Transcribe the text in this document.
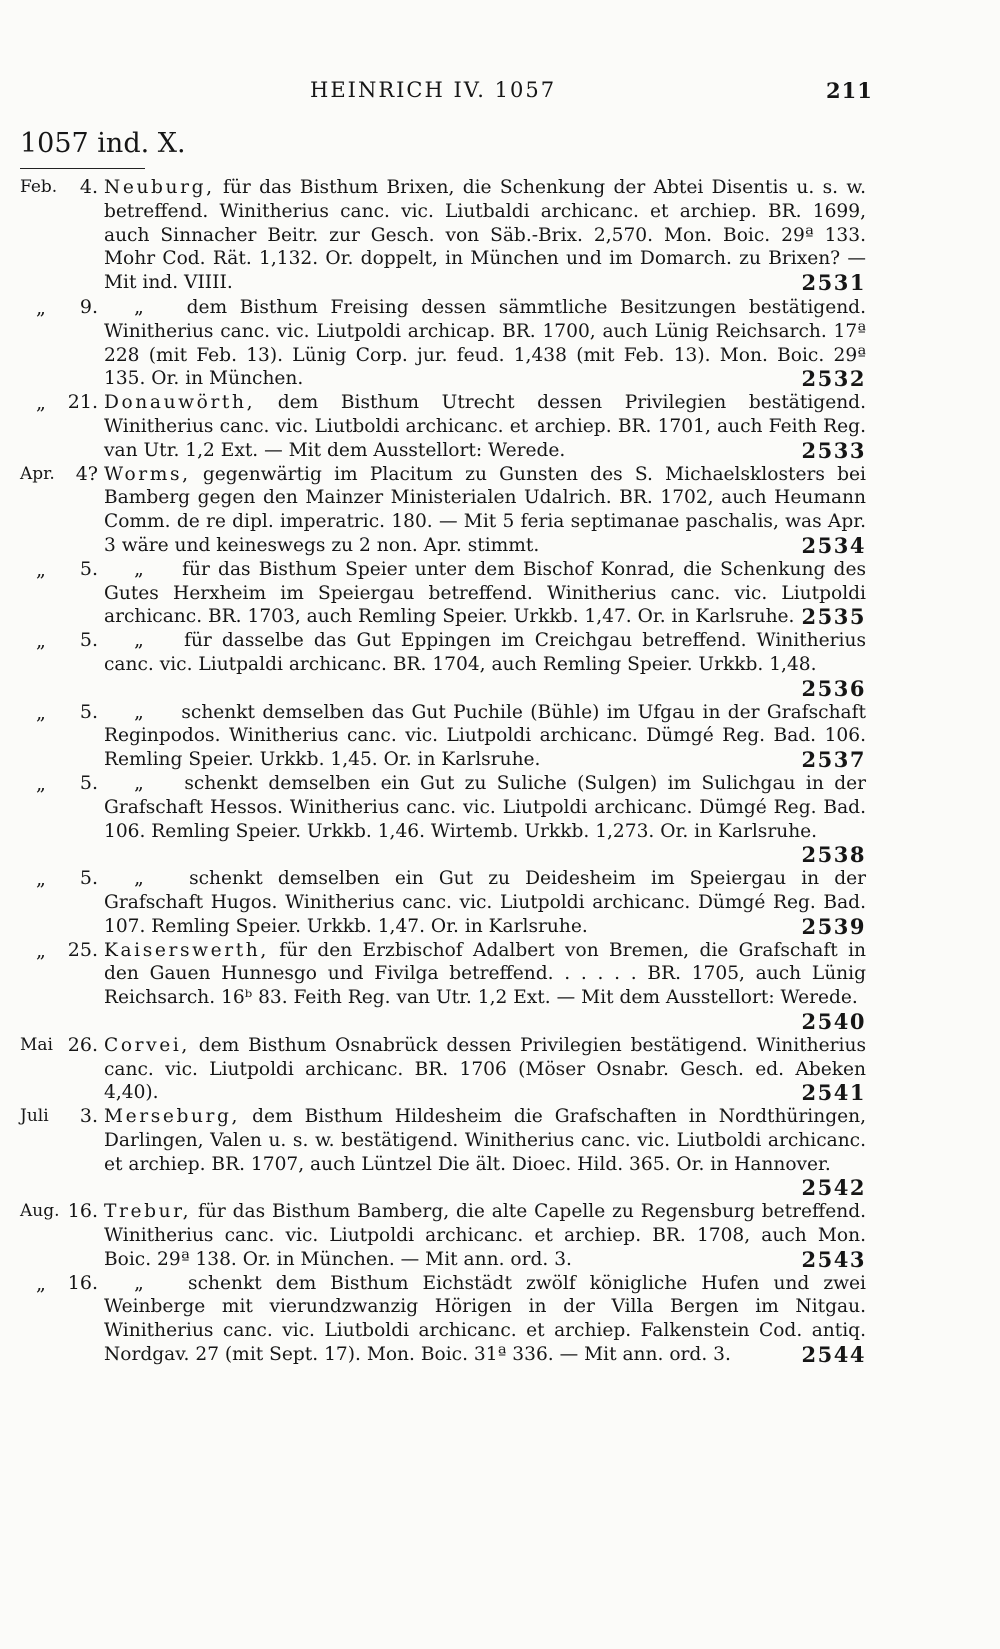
HEINRICH IV. 1057	211
1057 ind. X.
Feb.	4. Neuburg, für das Bisthum Brixen, die Schenkung der Abtei Disentis u. s. w. betreffend. Winitherius canc. vic. Liutbaldi archicanc. et archiep. BR. 1699, auch Sinnacher Beitr. zur Gesch. von Säb.-Brix. 2,570. Mon. Boic. 29ª 133. Mohr Cod. Rät. 1,132. Or. doppelt, in München und im Domarch. zu Brixen? — Mit ind. VIIII.	2531
„	9.	„ dem Bisthum Freising dessen sämmtliche Besitzungen bestätigend. Winitherius canc. vic. Liutpoldi archicap. BR. 1700, auch Lünig Reichsarch. 17ª 228 (mit Feb. 13). Lünig Corp. jur. feud. 1,438 (mit Feb. 13). Mon. Boic. 29ª 135. Or. in München.	2532
„	21. Donauwörth, dem Bisthum Utrecht dessen Privilegien bestätigend. Winitherius canc. vic. Liutboldi archicanc. et archiep. BR. 1701, auch Feith Reg. van Utr. 1,2 Ext. — Mit dem Ausstellort: Werede.	2533
Apr.	4? Worms, gegenwärtig im Placitum zu Gunsten des S. Michaelsklosters bei Bamberg gegen den Mainzer Ministerialen Udalrich. BR. 1702, auch Heumann Comm. de re dipl. imperatric. 180. — Mit 5 feria septimanae paschalis, was Apr. 3 wäre und keineswegs zu 2 non. Apr. stimmt.	2534
„	5.	„ für das Bisthum Speier unter dem Bischof Konrad, die Schenkung des Gutes Herxheim im Speiergau betreffend. Winitherius canc. vic. Liutpoldi archicanc. BR. 1703, auch Remling Speier. Urkkb. 1,47. Or. in Karlsruhe. 2535
„	5.	„ für dasselbe das Gut Eppingen im Creichgau betreffend. Winitherius canc. vic. Liutpaldi archicanc. BR. 1704, auch Remling Speier. Urkkb. 1,48.
2536
„	5.	„ schenkt demselben das Gut Puchile (Bühle) im Ufgau in der Grafschaft Reginpodos. Winitherius canc. vic. Liutpoldi archicanc. Dümgé Reg. Bad. 106. Remling Speier. Urkkb. 1,45. Or. in Karlsruhe.	2537
„	5.	„ schenkt demselben ein Gut zu Suliche (Sulgen) im Sulichgau in der Grafschaft Hessos. Winitherius canc. vic. Liutpoldi archicanc. Dümgé Reg. Bad. 106. Remling Speier. Urkkb. 1,46. Wirtemb. Urkkb. 1,273. Or. in Karlsruhe.
2538
„	5.	„ schenkt demselben ein Gut zu Deidesheim im Speiergau in der Grafschaft Hugos. Winitherius canc. vic. Liutpoldi archicanc. Dümgé Reg. Bad. 107. Remling Speier. Urkkb. 1,47. Or. in Karlsruhe.	2539
„	25. Kaiserswerth, für den Erzbischof Adalbert von Bremen, die Grafschaft in den Gauen Hunnesgo und Fivilga betreffend. . . . . . BR. 1705, auch Lünig Reichsarch. 16ᵇ 83. Feith Reg. van Utr. 1,2 Ext. — Mit dem Ausstellort: Werede.
2540
Mai 26. Corvei, dem Bisthum Osnabrück dessen Privilegien bestätigend. Winitherius canc. vic. Liutpoldi archicanc. BR. 1706 (Möser Osnabr. Gesch. ed. Abeken 4,40).	2541
Juli	3. Merseburg, dem Bisthum Hildesheim die Grafschaften in Nordthüringen, Darlingen, Valen u. s. w. bestätigend. Winitherius canc. vic. Liutboldi archicanc. et archiep. BR. 1707, auch Lüntzel Die ält. Dioec. Hild. 365. Or. in Hannover.
2542
Aug. 16. Trebur, für das Bisthum Bamberg, die alte Capelle zu Regensburg betreffend. Winitherius canc. vic. Liutpoldi archicanc. et archiep. BR. 1708, auch Mon. Boic. 29ª 138. Or. in München. — Mit ann. ord. 3.	2543
„	16.	„ schenkt dem Bisthum Eichstädt zwölf königliche Hufen und zwei Weinberge mit vierundzwanzig Hörigen in der Villa Bergen im Nitgau. Winitherius canc. vic. Liutboldi archicanc. et archiep. Falkenstein Cod. antiq. Nordgav. 27 (mit Sept. 17). Mon. Boic. 31ª 336. — Mit ann. ord. 3.	2544
